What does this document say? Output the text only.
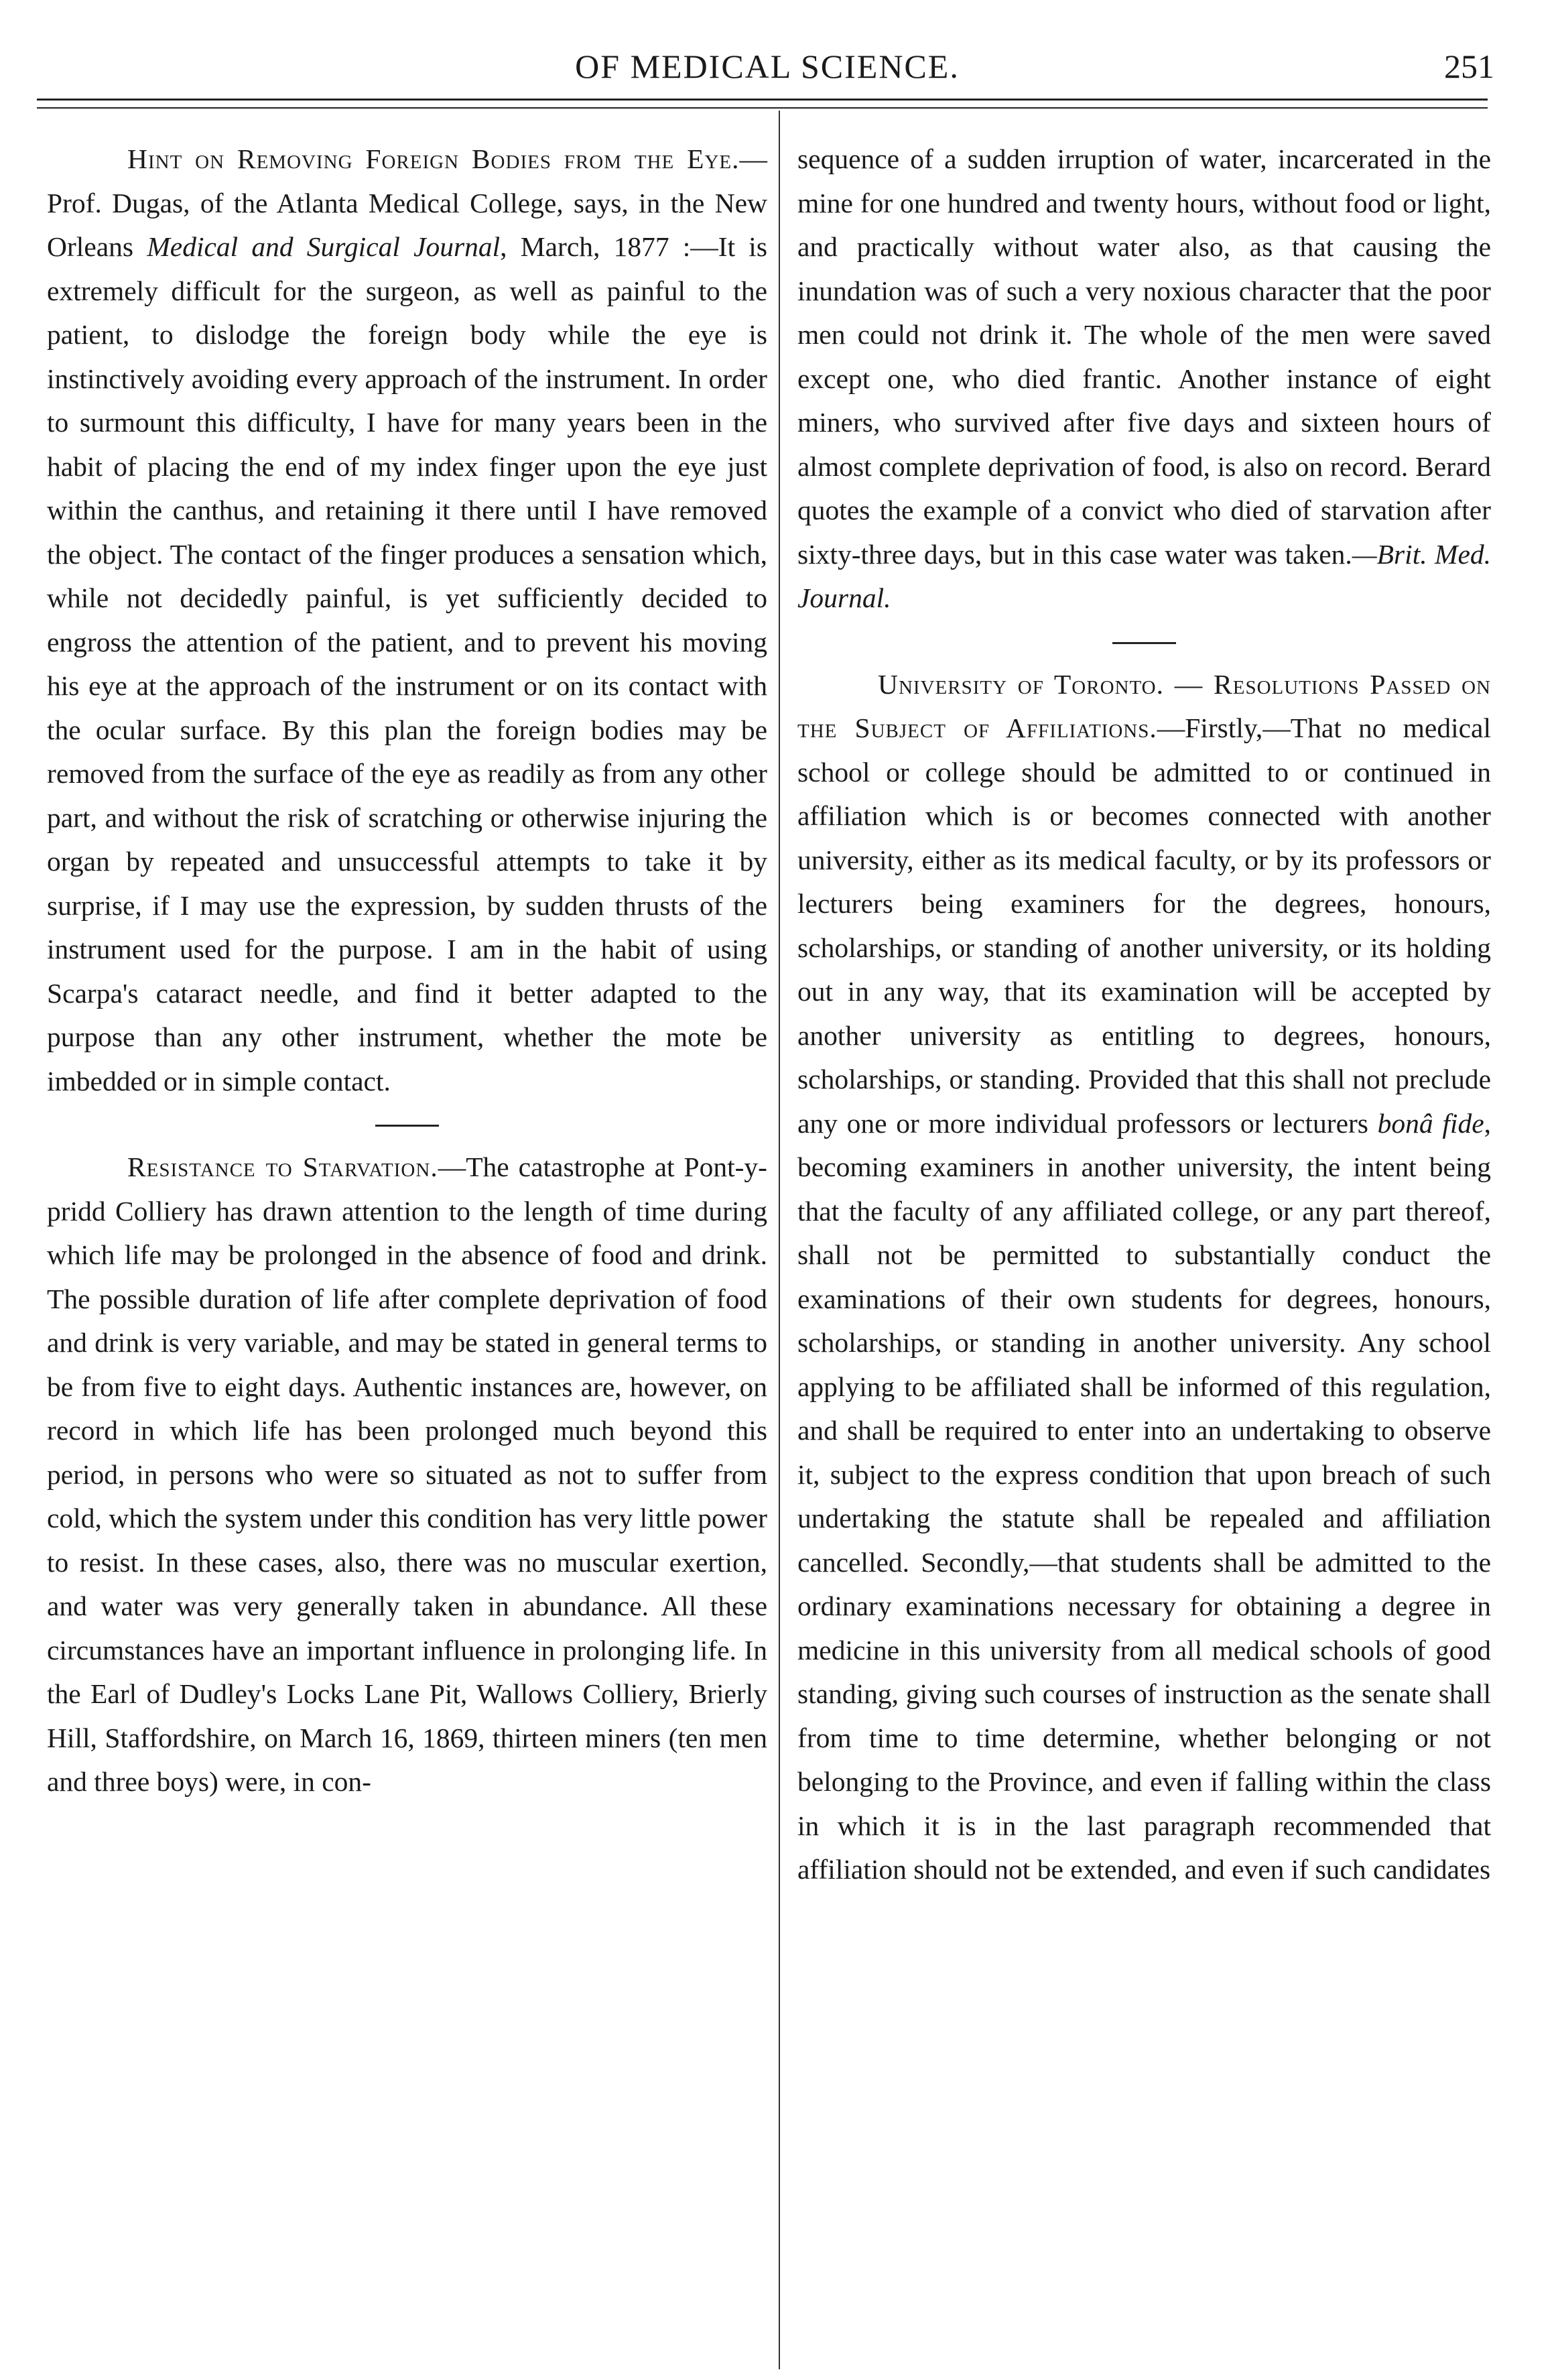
OF MEDICAL SCIENCE.	251

Hint on Removing Foreign Bodies from the Eye.—Prof. Dugas, of the Atlanta Medical College, says, in the New Orleans Medical and Surgical Journal, March, 1877 :—It is extremely difficult for the surgeon, as well as painful to the patient, to dislodge the foreign body while the eye is instinctively avoiding every approach of the instrument. In order to surmount this difficulty, I have for many years been in the habit of placing the end of my index finger upon the eye just within the canthus, and retaining it there until I have removed the object. The contact of the finger produces a sensation which, while not decidedly painful, is yet sufficiently decided to engross the attention of the patient, and to prevent his moving his eye at the approach of the instrument or on its contact with the ocular surface. By this plan the foreign bodies may be removed from the surface of the eye as readily as from any other part, and without the risk of scratching or otherwise injuring the organ by repeated and unsuccessful attempts to take it by surprise, if I may use the expression, by sudden thrusts of the instrument used for the purpose. I am in the habit of using Scarpa's cataract needle, and find it better adapted to the purpose than any other instrument, whether the mote be imbedded or in simple contact.

Resistance to Starvation.—The catastrophe at Pont-y-pridd Colliery has drawn attention to the length of time during which life may be prolonged in the absence of food and drink. The possible duration of life after complete deprivation of food and drink is very variable, and may be stated in general terms to be from five to eight days. Authentic instances are, however, on record in which life has been prolonged much beyond this period, in persons who were so situated as not to suffer from cold, which the system under this condition has very little power to resist. In these cases, also, there was no muscular exertion, and water was very generally taken in abundance. All these circumstances have an important influence in prolonging life. In the Earl of Dudley's Locks Lane Pit, Wallows Colliery, Brierly Hill, Staffordshire, on March 16, 1869, thirteen miners (ten men and three boys) were, in con-

sequence of a sudden irruption of water, incarcerated in the mine for one hundred and twenty hours, without food or light, and practically without water also, as that causing the inundation was of such a very noxious character that the poor men could not drink it. The whole of the men were saved except one, who died frantic. Another instance of eight miners, who survived after five days and sixteen hours of almost complete deprivation of food, is also on record. Berard quotes the example of a convict who died of starvation after sixty-three days, but in this case water was taken.—Brit. Med. Journal.

University of Toronto. — Resolutions Passed on the Subject of Affiliations.—Firstly,—That no medical school or college should be admitted to or continued in affiliation which is or becomes connected with another university, either as its medical faculty, or by its professors or lecturers being examiners for the degrees, honours, scholarships, or standing of another university, or its holding out in any way, that its examination will be accepted by another university as entitling to degrees, honours, scholarships, or standing. Provided that this shall not preclude any one or more individual professors or lecturers bonâ fide, becoming examiners in another university, the intent being that the faculty of any affiliated college, or any part thereof, shall not be permitted to substantially conduct the examinations of their own students for degrees, honours, scholarships, or standing in another university. Any school applying to be affiliated shall be informed of this regulation, and shall be required to enter into an undertaking to observe it, subject to the express condition that upon breach of such undertaking the statute shall be repealed and affiliation cancelled. Secondly,—that students shall be admitted to the ordinary examinations necessary for obtaining a degree in medicine in this university from all medical schools of good standing, giving such courses of instruction as the senate shall from time to time determine, whether belonging or not belonging to the Province, and even if falling within the class in which it is in the last paragraph recommended that affiliation should not be extended, and even if such candidates
